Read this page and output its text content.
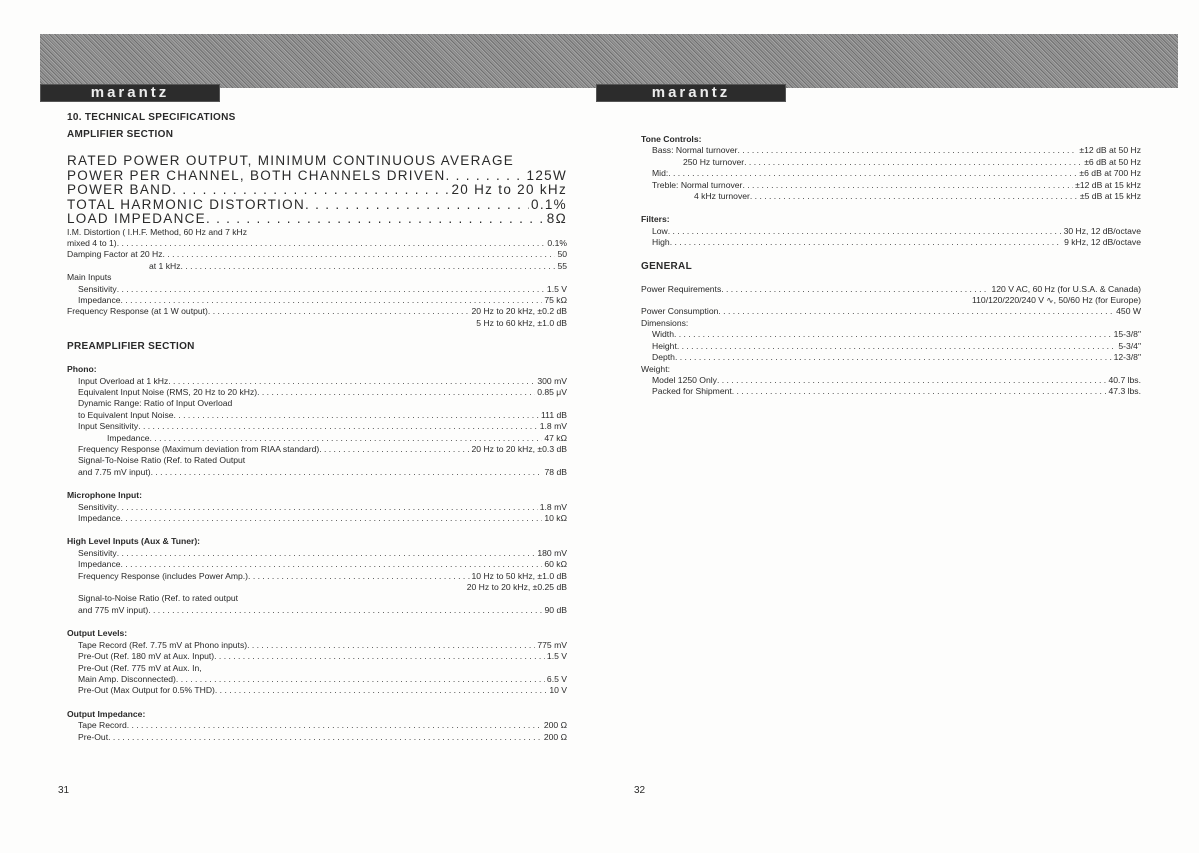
marantz	marantz
10. TECHNICAL SPECIFICATIONS
AMPLIFIER SECTION
RATED POWER OUTPUT, MINIMUM CONTINUOUS AVERAGE
POWER PER CHANNEL, BOTH CHANNELS DRIVEN . . .	125W
POWER BAND . . .	20 Hz to 20 kHz
TOTAL HARMONIC DISTORTION . . .	0.1%
LOAD IMPEDANCE . . .	8Ω
I.M. Distortion ( I.H.F. Method, 60 Hz and 7 kHz
mixed 4 to 1) . . .	0.1%
Damping Factor at 20 Hz . . .	50
at 1 kHz . . .	55
Main Inputs
Sensitivity . . .	1.5 V
Impedance . . .	75 kΩ
Frequency Response (at 1 W output) . . .	20 Hz to 20 kHz, ±0.2 dB
5 Hz to 60 kHz, ±1.0 dB
PREAMPLIFIER SECTION
Phono:
Input Overload at 1 kHz . . .	300 mV
Equivalent Input Noise (RMS, 20 Hz to 20 kHz) . . .	0.85 μV
Dynamic Range: Ratio of Input Overload
to Equivalent Input Noise . . .	111 dB
Input Sensitivity . . .	1.8 mV
Impedance . . .	47 kΩ
Frequency Response (Maximum deviation from RIAA standard) . . .	20 Hz to 20 kHz, ±0.3 dB
Signal-To-Noise Ratio (Ref. to Rated Output
and 7.75 mV input) . . .	78 dB
Microphone Input:
Sensitivity . . .	1.8 mV
Impedance . . .	10 kΩ
High Level Inputs (Aux & Tuner):
Sensitivity . . .	180 mV
Impedance . . .	60 kΩ
Frequency Response (includes Power Amp.) . . .	10 Hz to 50 kHz, ±1.0 dB
20 Hz to 20 kHz, ±0.25 dB
Signal-to-Noise Ratio (Ref. to rated output
and 775 mV input) . . .	90 dB
Output Levels:
Tape Record (Ref. 7.75 mV at Phono inputs) . . .	775 mV
Pre-Out (Ref. 180 mV at Aux. Input) . . .	1.5 V
Pre-Out (Ref. 775 mV at Aux. In,
Main Amp. Disconnected) . . .	6.5 V
Pre-Out (Max Output for 0.5% THD) . . .	10 V
Output Impedance:
Tape Record . . .	200 Ω
Pre-Out . . .	200 Ω
31
Tone Controls:
Bass: Normal turnover . . .	±12 dB at 50 Hz
250 Hz turnover . . .	±6 dB at 50 Hz
Mid: . . .	±6 dB at 700 Hz
Treble: Normal turnover . . .	±12 dB at 15 kHz
4 kHz turnover . . .	±5 dB at 15 kHz
Filters:
Low . . .	30 Hz, 12 dB/octave
High . . .	9 kHz, 12 dB/octave
GENERAL
Power Requirements . . .	120 V AC, 60 Hz (for U.S.A. & Canada)
110/120/220/240 V ∿, 50/60 Hz (for Europe)
Power Consumption . . .	450 W
Dimensions:
Width . . .	15-3/8"
Height . . .	5-3/4"
Depth . . .	12-3/8"
Weight:
Model 1250 Only . . .	40.7 lbs.
Packed for Shipment . . .	47.3 lbs.
32
